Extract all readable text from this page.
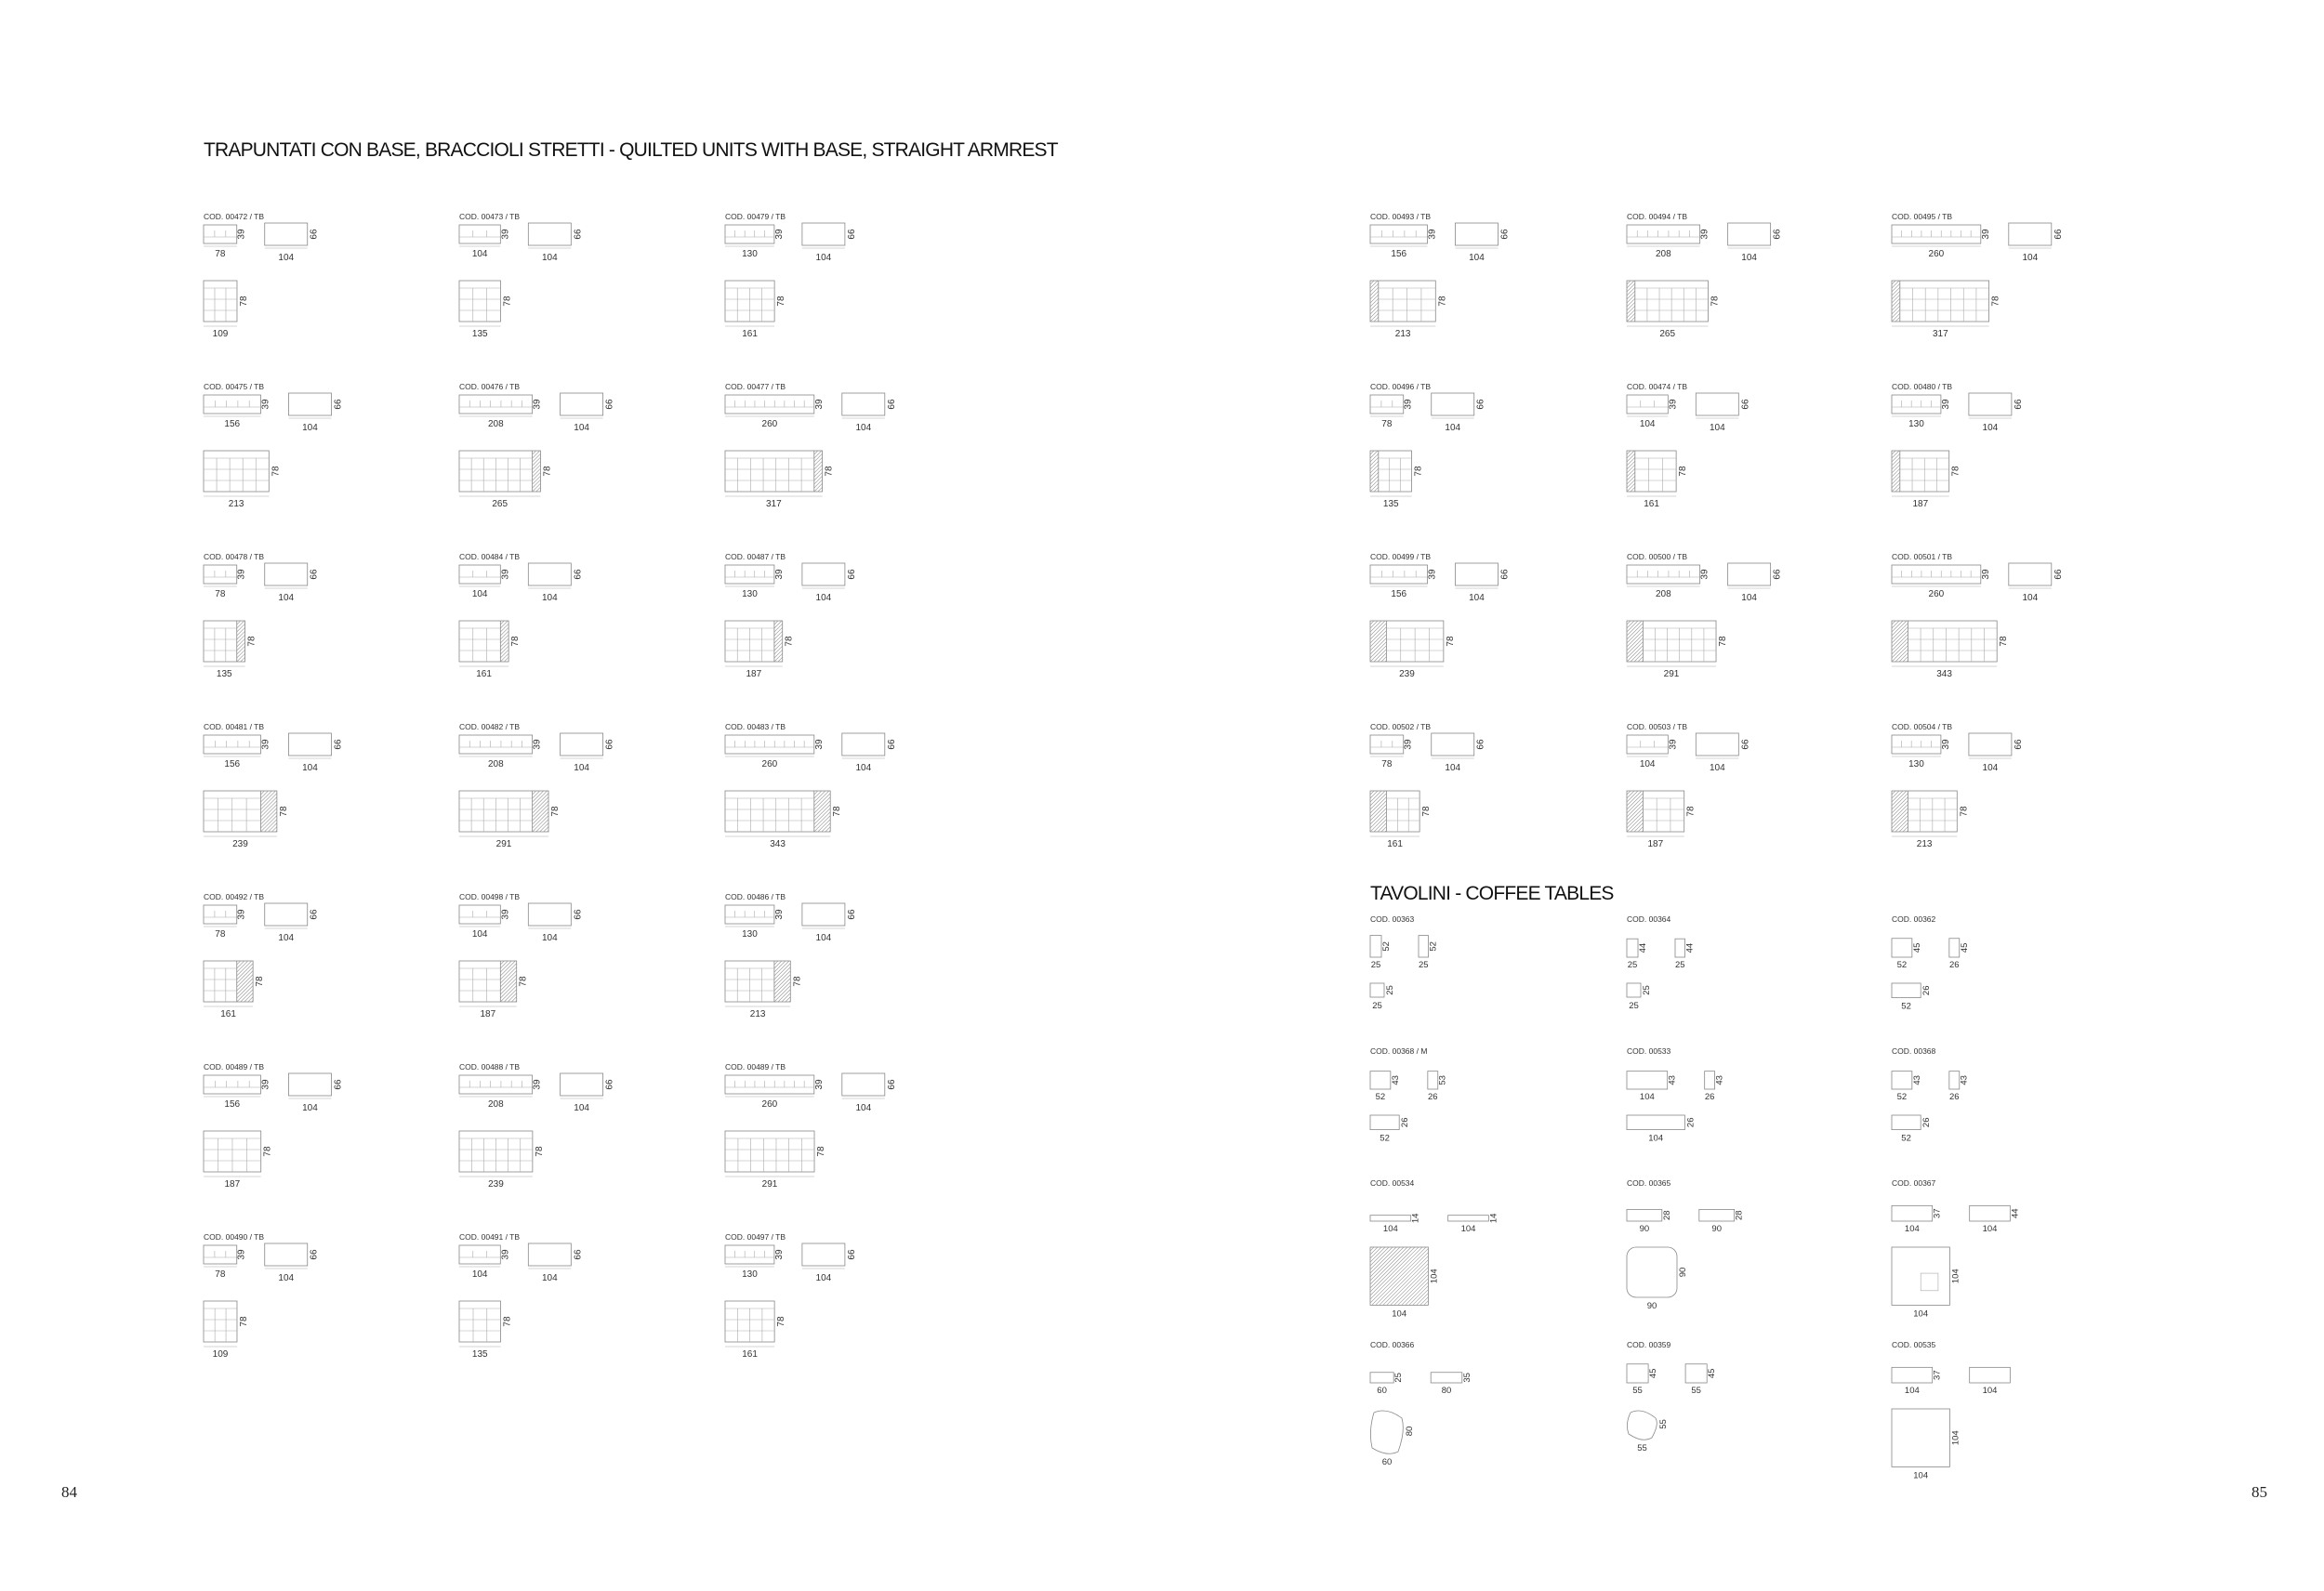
TRAPUNTATI CON BASE, BRACCIOLI STRETTI - QUILTED UNITS WITH BASE, STRAIGHT ARMREST
TAVOLINI - COFFEE TABLES
COD. 00472 / TB
78
39
104
66
109
78
COD. 00475 / TB
156
39
104
66
213
78
COD. 00478 / TB
78
39
104
66
135
78
COD. 00481 / TB
156
39
104
66
239
78
COD. 00492 / TB
78
39
104
66
161
78
COD. 00489 / TB
156
39
104
66
187
78
COD. 00490 / TB
78
39
104
66
109
78
COD. 00473 / TB
104
39
104
66
135
78
COD. 00476 / TB
208
39
104
66
265
78
COD. 00484 / TB
104
39
104
66
161
78
COD. 00482 / TB
208
39
104
66
291
78
COD. 00498 / TB
104
39
104
66
187
78
COD. 00488 / TB
208
39
104
66
239
78
COD. 00491 / TB
104
39
104
66
135
78
COD. 00479 / TB
130
39
104
66
161
78
COD. 00477 / TB
260
39
104
66
317
78
COD. 00487 / TB
130
39
104
66
187
78
COD. 00483 / TB
260
39
104
66
343
78
COD. 00486 / TB
130
39
104
66
213
78
COD. 00489 / TB
260
39
104
66
291
78
COD. 00497 / TB
130
39
104
66
161
78
COD. 00493 / TB
156
39
104
66
213
78
COD. 00496 / TB
78
39
104
66
135
78
COD. 00499 / TB
156
39
104
66
239
78
COD. 00502 / TB
78
39
104
66
161
78
COD. 00494 / TB
208
39
104
66
265
78
COD. 00474 / TB
104
39
104
66
161
78
COD. 00500 / TB
208
39
104
66
291
78
COD. 00503 / TB
104
39
104
66
187
78
COD. 00495 / TB
260
39
104
66
317
78
COD. 00480 / TB
130
39
104
66
187
78
COD. 00501 / TB
260
39
104
66
343
78
COD. 00504 / TB
130
39
104
66
213
78
COD. 00363
25
52
25
52
25
25
COD. 00364
25
44
25
44
25
25
COD. 00362
52
45
26
45
52
26
COD. 00368 / M
52
43
26
53
52
26
COD. 00533
104
43
26
43
104
26
COD. 00368
52
43
26
43
52
26
COD. 00534
104
14
104
14
104
104
COD. 00365
90
28
90
28
90
90
COD. 00367
104
37
104
44
104
104
COD. 00366
60
25
80
35
60
80
COD. 00359
55
45
55
45
55
55
COD. 00535
104
37
104
104
104
84	85
